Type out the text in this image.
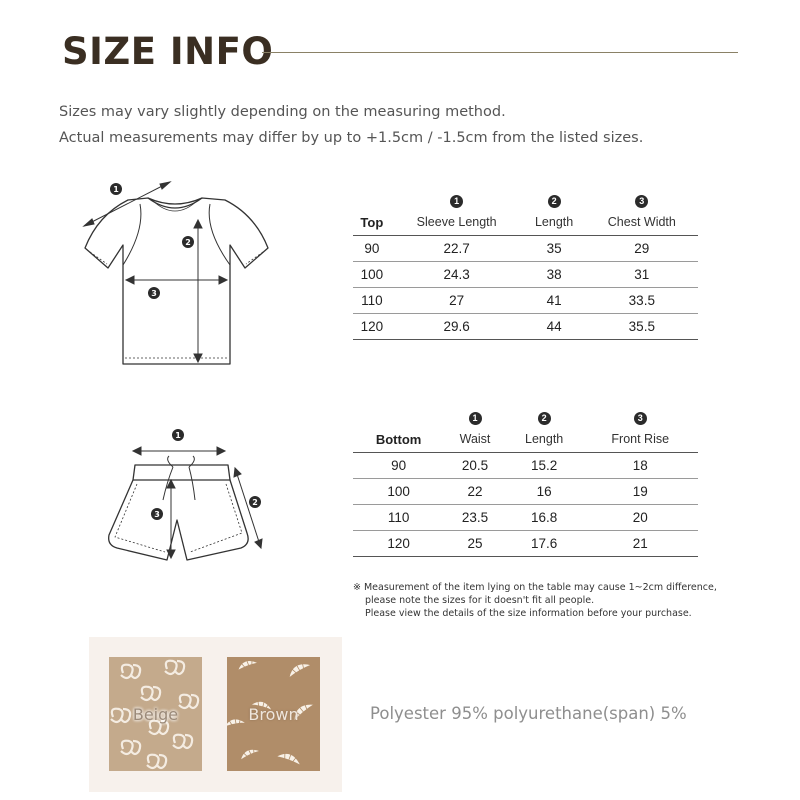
SIZE INFO
Sizes may vary slightly depending on the measuring method.
Actual measurements may differ by up to +1.5cm / -1.5cm from the listed sizes.
1
2
3
	1	2	3
Top	Sleeve Length	Length	Chest Width
90	22.7	35	29
100	24.3	38	31
110	27	41	33.5
120	29.6	44	35.5
1
2
3
	1	2	3
Bottom	Waist	Length	Front Rise
90	20.5	15.2	18
100	22	16	19
110	23.5	16.8	20
120	25	17.6	21
※ Measurement of the item lying on the table may cause 1~2cm difference,
please note the sizes for it doesn't fit all people.
Please view the details of the size information before your purchase.
Beige	Brown	Polyester 95% polyurethane(span) 5%
